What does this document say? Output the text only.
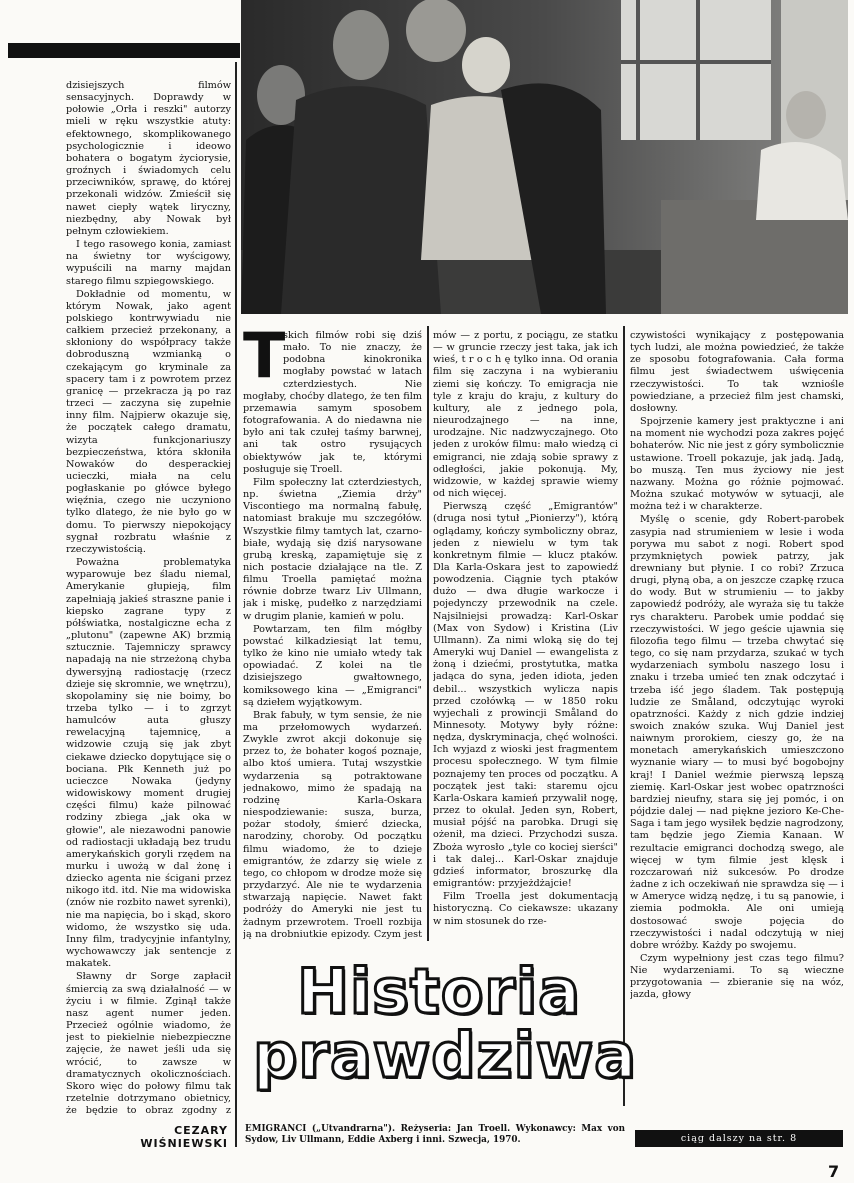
dzisiejszych filmów sensacyjnych. Doprawdy w połowie „Orła i reszki" autorzy mieli w ręku wszystkie atuty: efektownego, skomplikowanego psychologicznie i ideowo bohatera o bogatym życiorysie, groźnych i świadomych celu przeciwników, sprawę, do której przekonali widzów. Zmieścił się nawet ciepły wątek liryczny, niezbędny, aby Nowak był pełnym człowiekiem.

I tego rasowego konia, zamiast na świetny tor wyścigowy, wypuścili na marny majdan starego filmu szpiegowskiego.

Dokładnie od momentu, w którym Nowak, jako agent polskiego kontrwywiadu nie całkiem przecież przekonany, a skłoniony do współpracy także dobroduszną wzmianką o czekającym go kryminale za spacery tam i z powrotem przez granicę — przekracza ją po raz trzeci — zaczyna się zupełnie inny film. Najpierw okazuje się, że początek całego dramatu, wizyta funkcjonariuszy bezpieczeństwa, która skłoniła Nowaków do desperackiej ucieczki, miała na celu pogłaskanie po główce byłego więźnia, czego nie uczyniono tylko dlatego, że nie było go w domu. To pierwszy niepokojący sygnał rozbratu właśnie z rzeczywistością.

Poważna problematyka wyparowuje bez śladu niemal, Amerykanie głupieją, film zapełniają jakieś straszne panie i kiepsko zagrane typy z półświatka, nostalgiczne echa z „plutonu" (zapewne AK) brzmią sztucznie. Tajemniczy sprawcy napadają na nie strzeżoną chyba dywersyjną radiostację (rzecz dzieje się skromnie, we wnętrzu), skopolaminy się nie boimy, bo trzeba tylko — i to zgrzyt hamulców auta głuszy rewelacyjną tajemnicę, a widzowie czują się jak zbyt ciekawe dziecko dopytujące się o bociana. Płk Kenneth już po ucieczce Nowaka (jedyny widowiskowy moment drugiej części filmu) każe pilnować rodziny zbiega „jak oka w głowie", ale niezawodni panowie od radiostacji układają bez trudu amerykańskich goryli rzędem na murku i uwożą w dal żonę i dziecko agenta nie ścigani przez nikogo itd. itd. Nie ma widowiska (znów nie rozbito nawet syrenki), nie ma napięcia, bo i skąd, skoro widomo, że wszystko się uda. Inny film, tradycyjnie infantylny, wychowawczy jak sentencje z makatek.

Sławny dr Sorge zapłacił śmiercią za swą działalność — w życiu i w filmie. Zginął także nasz agent numer jeden. Przecież ogólnie wiadomo, że jest to piekielnie niebezpieczne zajęcie, że nawet jeśli uda się wrócić, to zawsze w dramatycznych okolicznościach. Skoro więc do połowy filmu tak rzetelnie dotrzymano obietnicy, że będzie to obraz zgodny z

T

skich filmów robi się dziś mało. To nie znaczy, że podobna kinokronika mogłaby powstać w latach czterdziestych. Nie mogłaby, choćby dlatego, że ten film przemawia samym sposobem fotografowania. A do niedawna nie było ani tak czułej taśmy barwnej, ani tak ostro rysujących obiektywów jak te, którymi posługuje się Troell.

Film społeczny lat czterdziestych, np. świetna „Ziemia drży" Viscontiego ma normalną fabułę, natomiast brakuje mu szczegółów. Wszystkie filmy tamtych lat, czarno-białe, wydają się dziś narysowane grubą kreską, zapamiętuje się z nich postacie działające na tle. Z filmu Troella pamiętać można równie dobrze twarz Liv Ullmann, jak i miskę, pudełko z narzędziami w drugim planie, kamień w polu.

Powtarzam, ten film mógłby powstać kilkadziesiąt lat temu, tylko że kino nie umiało wtedy tak opowiadać. Z kolei na tle dzisiejszego gwałtownego, komiksowego kina — „Emigranci" są dziełem wyjątkowym.

Brak fabuły, w tym sensie, że nie ma przełomowych wydarzeń. Zwykle zwrot akcji dokonuje się przez to, że bohater kogoś poznaje, albo ktoś umiera. Tutaj wszystkie wydarzenia są potraktowane jednakowo, mimo że spadają na rodzinę Karla-Oskara niespodziewanie: susza, burza, pożar stodoły, śmierć dziecka, narodziny, choroby. Od początku filmu wiadomo, że to dzieje emigrantów, że zdarzy się wiele z tego, co chłopom w drodze może się przydarzyć. Ale nie te wydarzenia stwarzają napięcie. Nawet fakt podróży do Ameryki nie jest tu żadnym przewrotem. Troell rozbija ją na drobniutkie epizody. Czym jest

mów — z portu, z pociągu, ze statku — w gruncie rzeczy jest taka, jak ich wieś, t r o c h ę tylko inna. Od orania film się zaczyna i na wybieraniu ziemi się kończy. To emigracja nie tyle z kraju do kraju, z kultury do kultury, ale z jednego pola, nieurodzajnego — na inne, urodzajne. Nic nadzwyczajnego. Oto jeden z uroków filmu: mało wiedzą ci emigranci, nie zdają sobie sprawy z odległości, jakie pokonują. My, widzowie, w każdej sprawie wiemy od nich więcej.

Pierwszą część „Emigrantów" (druga nosi tytuł „Pionierzy"), którą oglądamy, kończy symboliczny obraz, jeden z niewielu w tym tak konkretnym filmie — klucz ptaków. Dla Karla-Oskara jest to zapowiedź powodzenia. Ciągnie tych ptaków dużo — dwa długie warkocze i pojedynczy przewodnik na czele. Najsilniejsi prowadzą: Karl-Oskar (Max von Sydow) i Kristina (Liv Ullmann). Za nimi wloką się do tej Ameryki wuj Daniel — ewangelista z żoną i dziećmi, prostytutka, matka jadąca do syna, jeden idiota, jeden debil... wszystkich wylicza napis przed czołówką — w 1850 roku wyjechali z prowincji Småland do Minnesoty. Motywy były różne: nędza, dyskryminacja, chęć wolności. Ich wyjazd z wioski jest fragmentem procesu społecznego. W tym filmie poznajemy ten proces od początku. A początek jest taki: staremu ojcu Karla-Oskara kamień przywalił nogę, przez to okulał. Jeden syn, Robert, musiał pójść na parobka. Drugi się ożenił, ma dzieci. Przychodzi susza. Zboża wyrosło „tyle co kociej sierści" i tak dalej... Karl-Oskar znajduje gdzieś informator, broszurkę dla emigrantów: przyjeżdżajcie!

Film Troella jest dokumentacją historyczną. Co ciekawsze: ukazany w nim stosunek do rze-

czywistości wynikający z postępowania tych ludzi, ale można powiedzieć, że także ze sposobu fotografowania. Cała forma filmu jest świadectwem uświęcenia rzeczywistości. To tak wzniośle powiedziane, a przecież film jest chamski, dosłowny.

Spojrzenie kamery jest praktyczne i ani na moment nie wychodzi poza zakres pojęć bohaterów. Nic nie jest z góry symbolicznie ustawione. Troell pokazuje, jak jadą. Jadą, bo muszą. Ten mus życiowy nie jest nazwany. Można go różnie pojmować. Można szukać motywów w sytuacji, ale można też i w charakterze.

Myślę o scenie, gdy Robert-parobek zasypia nad strumieniem w lesie i woda porywa mu sabot z nogi. Robert spod przymkniętych powiek patrzy, jak drewniany but płynie. I co robi? Zrzuca drugi, płyną oba, a on jeszcze czapkę rzuca do wody. But w strumieniu — to jakby zapowiedź podróży, ale wyraża się tu także rys charakteru. Parobek umie poddać się rzeczywistości. W jego geście ujawnia się filozofia tego filmu — trzeba chwytać się tego, co się nam przydarza, szukać w tych wydarzeniach symbolu naszego losu i znaku i trzeba umieć ten znak odczytać i trzeba iść jego śladem. Tak postępują ludzie ze Småland, odczytując wyroki opatrzności. Każdy z nich gdzie indziej swoich znaków szuka. Wuj Daniel jest naiwnym prorokiem, cieszy go, że na monetach amerykańskich umieszczono wyznanie wiary — to musi być bogobojny kraj! I Daniel weźmie pierwszą lepszą ziemię. Karl-Oskar jest wobec opatrzności bardziej nieufny, stara się jej pomóc, i on pójdzie dalej — nad piękne jezioro Ke-Che-Saga i tam jego wysiłek będzie nagrodzony, tam będzie jego Ziemia Kanaan. W rezultacie emigranci dochodzą swego, ale więcej w tym filmie jest klęsk i rozczarowań niż sukcesów. Po drodze żadne z ich oczekiwań nie sprawdza się — i w Ameryce widzą nędzę, i tu są panowie, i ziemia podmokła. Ale oni umieją dostosować swoje pojęcia do rzeczywistości i nadal odczytują w niej dobre wróżby. Każdy po swojemu.

Czym wypełniony jest czas tego filmu? Nie wydarzeniami. To są wieczne przygotowania — zbieranie się na wóz, jazda, głowy

Historia
prawdziwa
CEZARY
WIŚNIEWSKI
EMIGRANCI („Utvandrarna"). Reżyseria: Jan Troell. Wykonawcy: Max von Sydow, Liv Ullmann, Eddie Axberg i inni. Szwecja, 1970.	ciąg dalszy na str. 8
7
